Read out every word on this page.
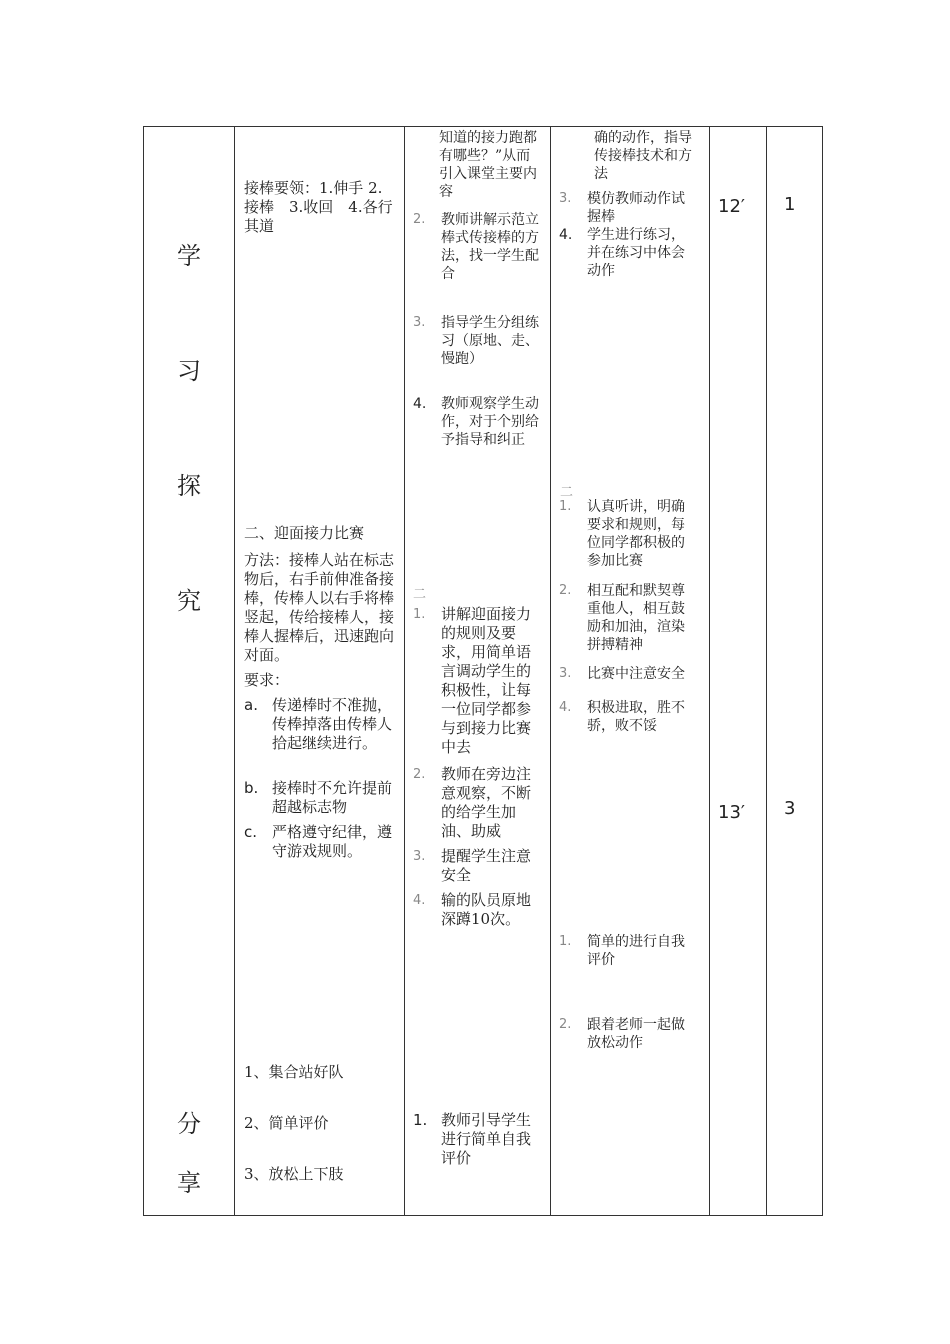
学
习
探
究
分
享
接棒要领：1.伸手 2.接棒　3.收回　4.各行其道
二、迎面接力比赛
方法：接棒人站在标志物后，右手前伸准备接棒，传棒人以右手将棒竖起，传给接棒人，接棒人握棒后，迅速跑向对面。
要求：
a. 传递棒时不准抛，传棒掉落由传棒人拾起继续进行。
b. 接棒时不允许提前超越标志物
c. 严格遵守纪律，遵守游戏规则。
1、集合站好队
2、简单评价
3、放松上下肢
知道的接力跑都有哪些？”从而引入课堂主要内容
2. 教师讲解示范立棒式传接棒的方法，找一学生配合
3. 指导学生分组练习（原地、走、慢跑）
4. 教师观察学生动作，对于个别给予指导和纠正
二
1. 讲解迎面接力的规则及要求，用简单语言调动学生的积极性，让每一位同学都参与到接力比赛中去
2. 教师在旁边注意观察，不断的给学生加油、助威
3. 提醒学生注意安全
4. 输的队员原地深蹲10次。
1. 教师引导学生进行简单自我评价
确的动作，指导传接棒技术和方法
3. 模仿教师动作试握棒
4. 学生进行练习，并在练习中体会动作
二
1. 认真听讲，明确要求和规则，每位同学都积极的参加比赛
2. 相互配和默契尊重他人，相互鼓励和加油，渲染拼搏精神
3. 比赛中注意安全
4. 积极进取，胜不骄，败不馁
1. 简单的进行自我评价
2. 跟着老师一起做放松动作
12′
13′
1
3
